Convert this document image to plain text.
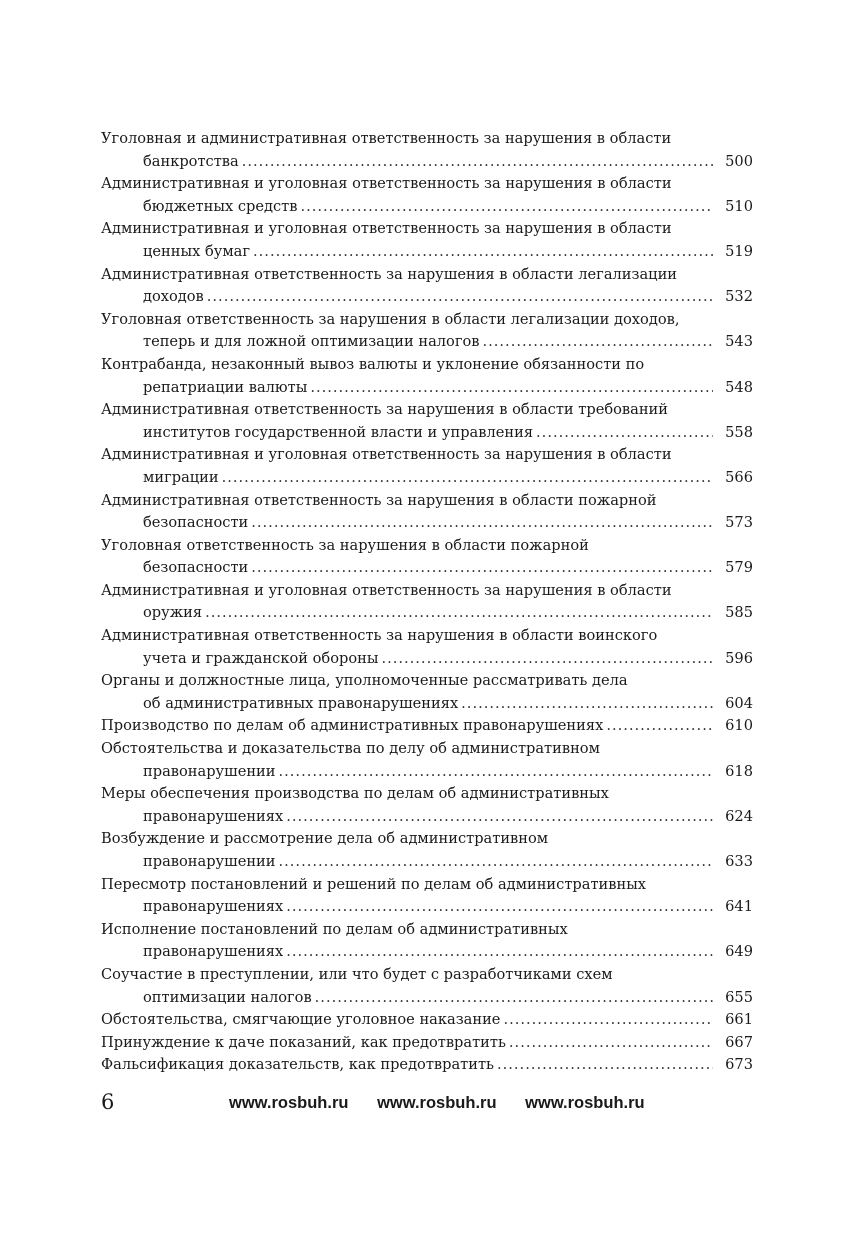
Уголовная и административная ответственность за нарушения в области
банкротства .....	500
Административная и уголовная ответственность за нарушения в области
бюджетных средств .....	510
Административная и уголовная ответственность за нарушения в области
ценных бумаг .....	519
Административная ответственность за нарушения в области легализации
доходов .....	532
Уголовная ответственность за нарушения в области легализации доходов,
теперь и для ложной оптимизации налогов .....	543
Контрабанда, незаконный вывоз валюты и уклонение обязанности по
репатриации валюты .....	548
Административная ответственность за нарушения в области требований
институтов государственной власти и управления .....	558
Административная и уголовная ответственность за нарушения в области
миграции .....	566
Административная ответственность за нарушения в области пожарной
безопасности .....	573
Уголовная ответственность за нарушения в области пожарной
безопасности .....	579
Административная и уголовная ответственность за нарушения в области
оружия .....	585
Административная ответственность за нарушения в области воинского
учета и гражданской обороны .....	596
Органы и должностные лица, уполномоченные рассматривать дела
об административных правонарушениях .....	604
Производство по делам об административных правонарушениях .....	610
Обстоятельства и доказательства по делу об административном
правонарушении .....	618
Меры обеспечения производства по делам об административных
правонарушениях .....	624
Возбуждение и рассмотрение дела об административном
правонарушении .....	633
Пересмотр постановлений и решений по делам об административных
правонарушениях .....	641
Исполнение постановлений по делам об административных
правонарушениях .....	649
Соучастие в преступлении, или что будет с разработчиками схем
оптимизации налогов .....	655
Обстоятельства, смягчающие уголовное наказание .....	661
Принуждение к даче показаний, как предотвратить .....	667
Фальсификация доказательств, как предотвратить .....	673
6	www.rosbuh.ru www.rosbuh.ru www.rosbuh.ru
